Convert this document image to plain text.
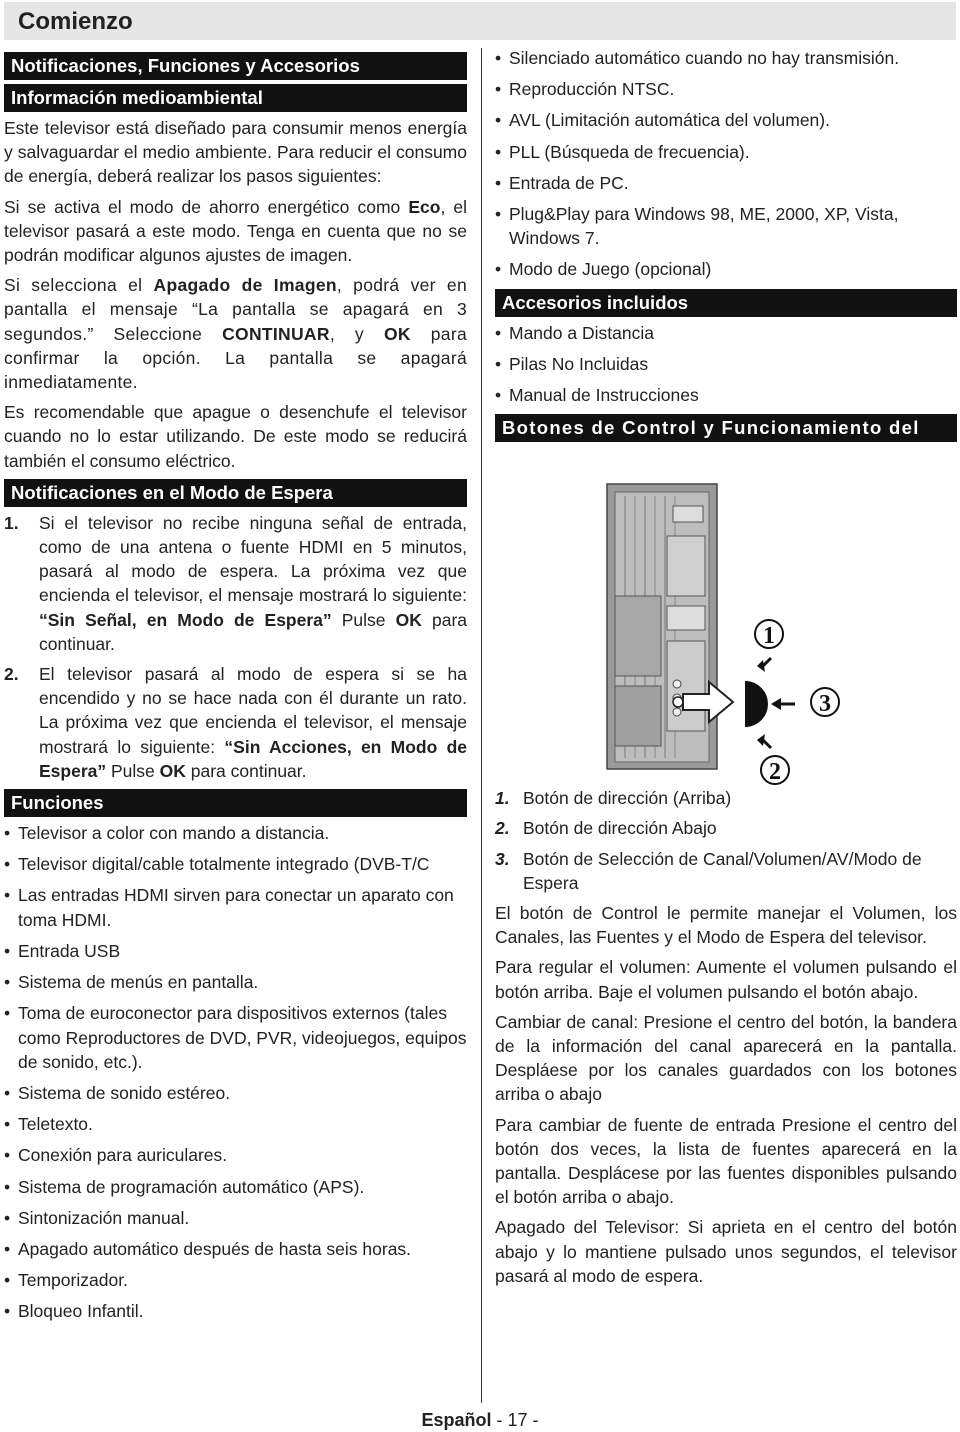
Comienzo
Notificaciones, Funciones y Accesorios
Información medioambiental

Este televisor está diseñado para consumir menos energía y salvaguardar el medio ambiente. Para reducir el consumo de energía, deberá realizar los pasos siguientes:

Si se activa el modo de ahorro energético como Eco, el televisor pasará a este modo. Tenga en cuenta que no se podrán modificar algunos ajustes de imagen.

Si selecciona el Apagado de Imagen, podrá ver en pantalla el mensaje “La pantalla se apagará en 3 segundos.” Seleccione CONTINUAR, y OK para confirmar la opción. La pantalla se apagará inmediatamente.

Es recomendable que apague o desenchufe el televisor cuando no lo estar utilizando. De este modo se reducirá también el consumo eléctrico.

Notificaciones en el Modo de Espera
1. Si el televisor no recibe ninguna señal de entrada, como de una antena o fuente HDMI en 5 minutos, pasará al modo de espera. La próxima vez que encienda el televisor, el mensaje mostrará lo siguiente: “Sin Señal, en Modo de Espera” Pulse OK para continuar.
2. El televisor pasará al modo de espera si se ha encendido y no se hace nada con él durante un rato. La próxima vez que encienda el televisor, el mensaje mostrará lo siguiente: “Sin Acciones, en Modo de Espera” Pulse OK para continuar.
Funciones
• Televisor a color con mando a distancia.
• Televisor digital/cable totalmente integrado (DVB-T/C
• Las entradas HDMI sirven para conectar un aparato con toma HDMI.
• Entrada USB
• Sistema de menús en pantalla.
• Toma de euroconector para dispositivos externos (tales como Reproductores de DVD, PVR, videojuegos, equipos de sonido, etc.).
• Sistema de sonido estéreo.
• Teletexto.
• Conexión para auriculares.
• Sistema de programación automático (APS).
• Sintonización manual.
• Apagado automático después de hasta seis horas.
• Temporizador.
• Bloqueo Infantil.
• Silenciado automático cuando no hay transmisión.
• Reproducción NTSC.
• AVL (Limitación automática del volumen).
• PLL (Búsqueda de frecuencia).
• Entrada de PC.
• Plug&Play para Windows 98, ME, 2000, XP, Vista, Windows 7.
• Modo de Juego (opcional)
Accesorios incluidos
• Mando a Distancia
• Pilas No Incluidas
• Manual de Instrucciones
Botones de Control y Funcionamiento del
1
2
3
1. Botón de dirección (Arriba)
2. Botón de dirección Abajo
3. Botón de Selección de Canal/Volumen/AV/Modo de Espera

El botón de Control le permite manejar el Volumen, los Canales, las Fuentes y el Modo de Espera del televisor.

Para regular el volumen: Aumente el volumen pulsando el botón arriba. Baje el volumen pulsando el botón abajo.

Cambiar de canal: Presione el centro del botón, la bandera de la información del canal aparecerá en la pantalla. Despláese por los canales guardados con los botones arriba o abajo

Para cambiar de fuente de entrada Presione el centro del botón dos veces, la lista de fuentes aparecerá en la pantalla. Desplácese por las fuentes disponibles pulsando el botón arriba o abajo.

Apagado del Televisor: Si aprieta en el centro del botón abajo y lo mantiene pulsado unos segundos, el televisor pasará al modo de espera.

Español - 17 -
